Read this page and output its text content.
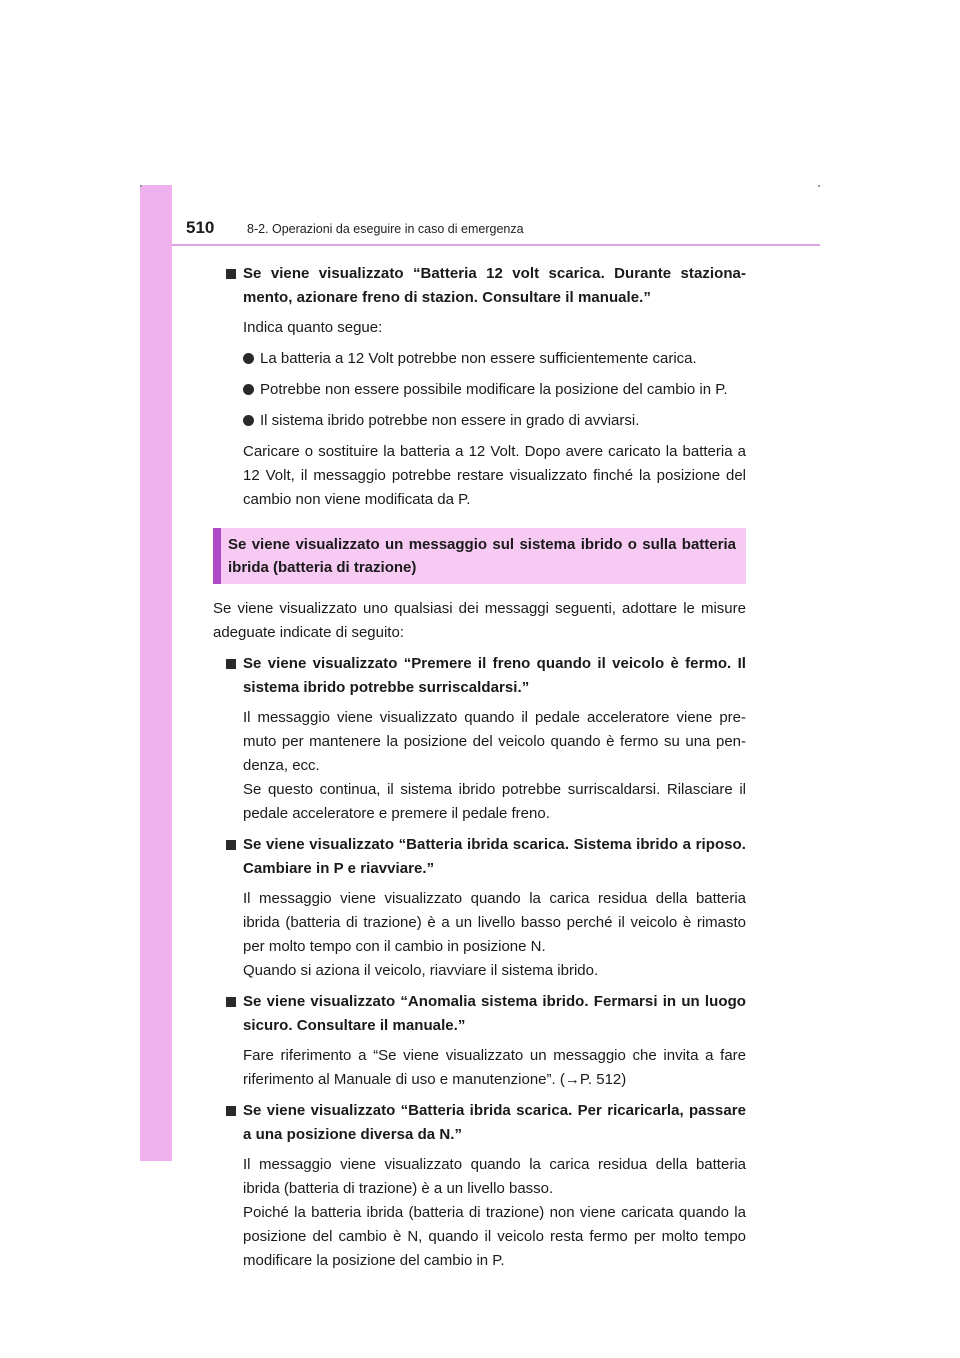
510	8-2. Operazioni da eseguire in caso di emergenza
Se viene visualizzato “Batteria 12 volt scarica. Durante staziona-mento, azionare freno di stazion. Consultare il manuale.”
Indica quanto segue:
La batteria a 12 Volt potrebbe non essere sufficientemente carica.
Potrebbe non essere possibile modificare la posizione del cambio in P.
Il sistema ibrido potrebbe non essere in grado di avviarsi.
Caricare o sostituire la batteria a 12 Volt. Dopo avere caricato la batteria a 12 Volt, il messaggio potrebbe restare visualizzato finché la posizione del cambio non viene modificata da P.
Se viene visualizzato un messaggio sul sistema ibrido o sulla batteria ibrida (batteria di trazione)
Se viene visualizzato uno qualsiasi dei messaggi seguenti, adottare le misure adeguate indicate di seguito:
Se viene visualizzato “Premere il freno quando il veicolo è fermo. Il sistema ibrido potrebbe surriscaldarsi.”
Il messaggio viene visualizzato quando il pedale acceleratore viene pre-muto per mantenere la posizione del veicolo quando è fermo su una pen-denza, ecc.
Se questo continua, il sistema ibrido potrebbe surriscaldarsi. Rilasciare il pedale acceleratore e premere il pedale freno.
Se viene visualizzato “Batteria ibrida scarica. Sistema ibrido a riposo. Cambiare in P e riavviare.”
Il messaggio viene visualizzato quando la carica residua della batteria ibrida (batteria di trazione) è a un livello basso perché il veicolo è rimasto per molto tempo con il cambio in posizione N.
Quando si aziona il veicolo, riavviare il sistema ibrido.
Se viene visualizzato “Anomalia sistema ibrido. Fermarsi in un luogo sicuro. Consultare il manuale.”
Fare riferimento a “Se viene visualizzato un messaggio che invita a fare riferimento al Manuale di uso e manutenzione”. (→P. 512)
Se viene visualizzato “Batteria ibrida scarica. Per ricaricarla, passare a una posizione diversa da N.”
Il messaggio viene visualizzato quando la carica residua della batteria ibrida (batteria di trazione) è a un livello basso.
Poiché la batteria ibrida (batteria di trazione) non viene caricata quando la posizione del cambio è N, quando il veicolo resta fermo per molto tempo modificare la posizione del cambio in P.
